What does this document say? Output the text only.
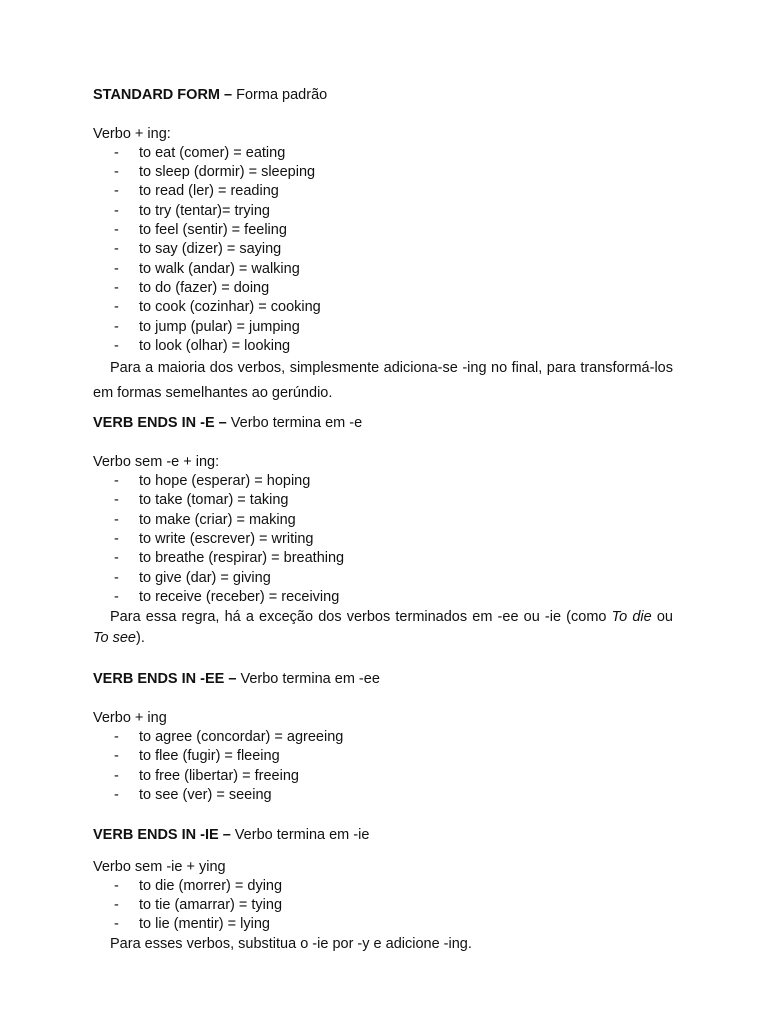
STANDARD FORM – Forma padrão

Verbo + ing:

- to eat (comer) = eating
- to sleep (dormir) = sleeping
- to read (ler) = reading
- to try (tentar)= trying
- to feel (sentir) = feeling
- to say (dizer) = saying
- to walk (andar) = walking
- to do (fazer) = doing
- to cook (cozinhar) = cooking
- to jump (pular) = jumping
- to look (olhar) = looking

Para a maioria dos verbos, simplesmente adiciona-se -ing no final, para transformá-los em formas semelhantes ao gerúndio.

VERB ENDS IN -E – Verbo termina em -e

Verbo sem -e + ing:

- to hope (esperar) = hoping
- to take (tomar) = taking
- to make (criar) = making
- to write (escrever) = writing
- to breathe (respirar) = breathing
- to give (dar) = giving
- to receive (receber) = receiving

Para essa regra, há a exceção dos verbos terminados em -ee ou -ie (como To die ou To see).

VERB ENDS IN -EE – Verbo termina em -ee

Verbo + ing

- to agree (concordar) = agreeing
- to flee (fugir) = fleeing
- to free (libertar) = freeing
- to see (ver) = seeing

VERB ENDS IN -IE – Verbo termina em -ie

Verbo sem -ie + ying

- to die (morrer) = dying
- to tie (amarrar) = tying
- to lie (mentir) = lying

Para esses verbos, substitua o -ie por -y e adicione -ing.
